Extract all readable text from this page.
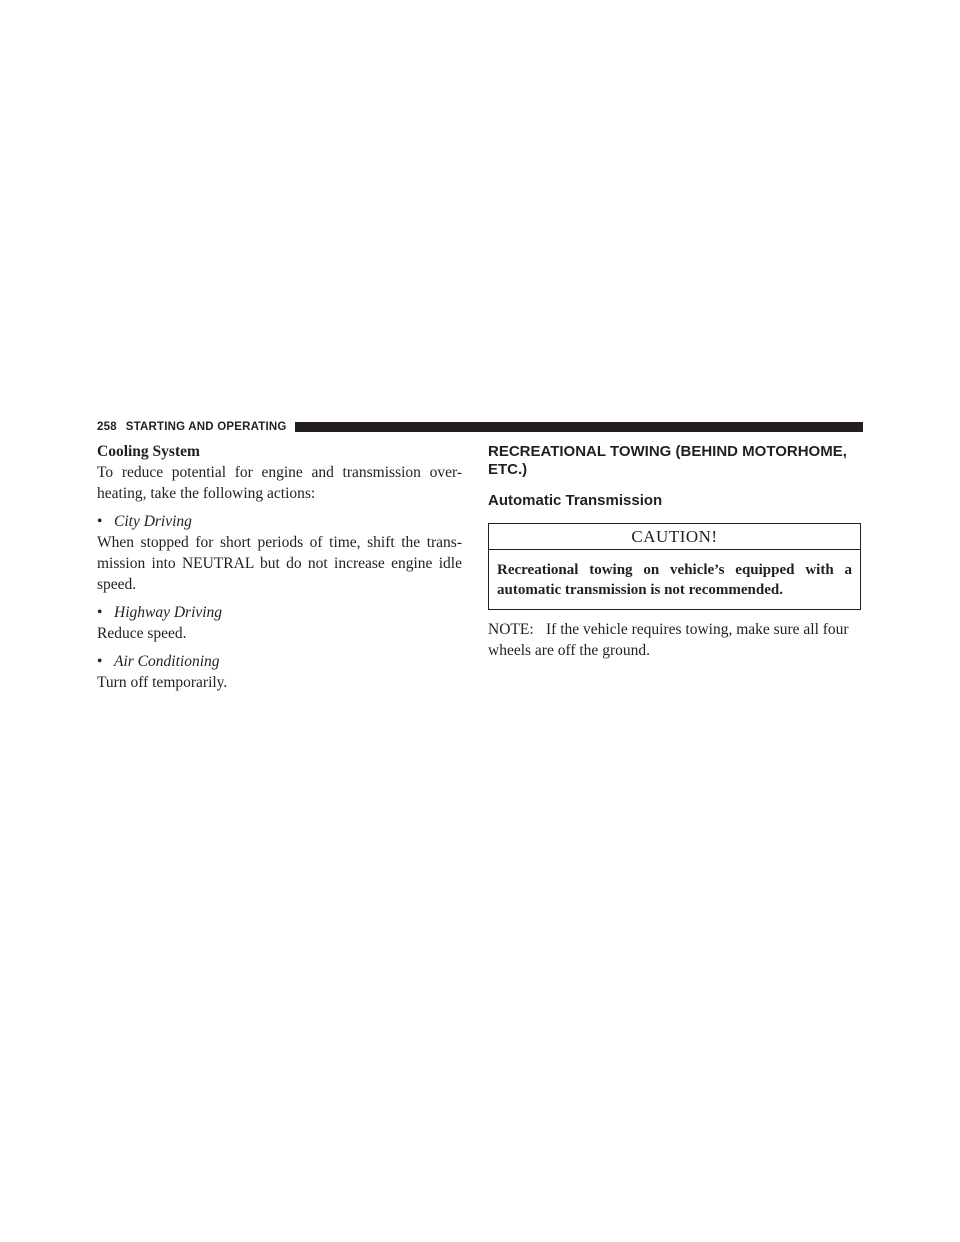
258 STARTING AND OPERATING
Cooling System

To reduce potential for engine and transmission over-heating, take the following actions:

• City Driving

When stopped for short periods of time, shift the trans-mission into NEUTRAL but do not increase engine idle speed.

• Highway Driving

Reduce speed.

• Air Conditioning

Turn off temporarily.

RECREATIONAL TOWING (BEHIND MOTORHOME, ETC.)
Automatic Transmission
CAUTION!
Recreational towing on vehicle’s equipped with a automatic transmission is not recommended.
NOTE: If the vehicle requires towing, make sure all four wheels are off the ground.
